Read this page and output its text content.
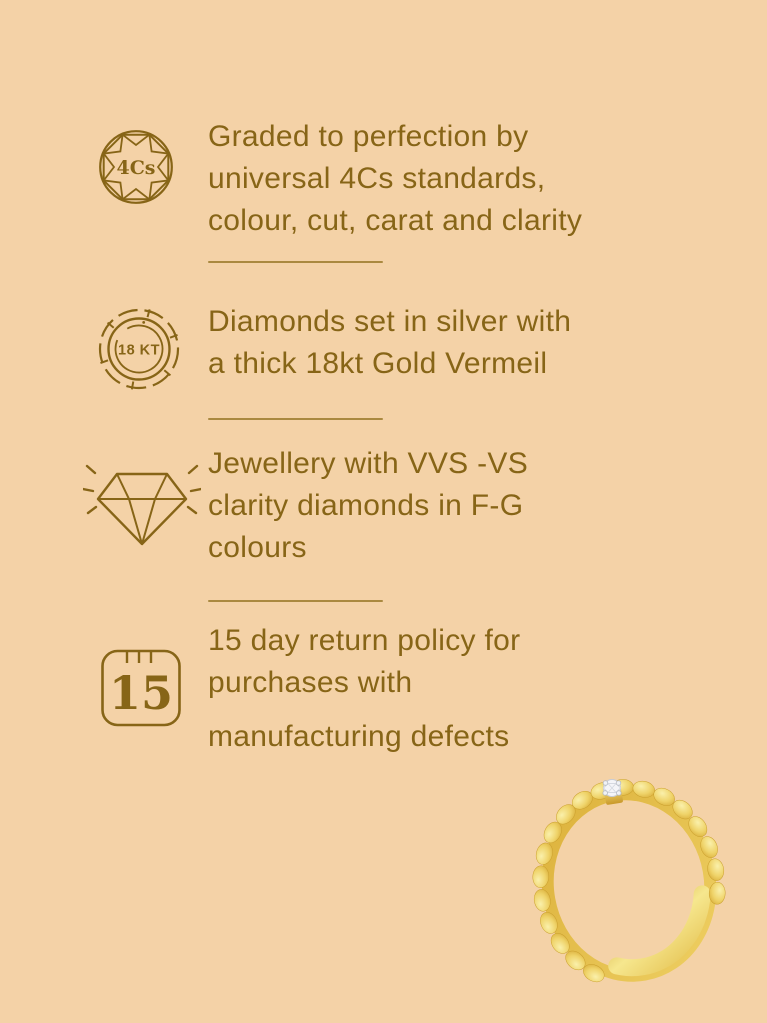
4Cs
Graded to perfection by
universal 4Cs standards,
colour, cut, carat and clarity
18 KT
Diamonds set in silver with
a thick 18kt Gold Vermeil
Jewellery with VVS -VS
clarity diamonds in F-G
colours
15
15 day return policy for
purchases with
manufacturing defects
